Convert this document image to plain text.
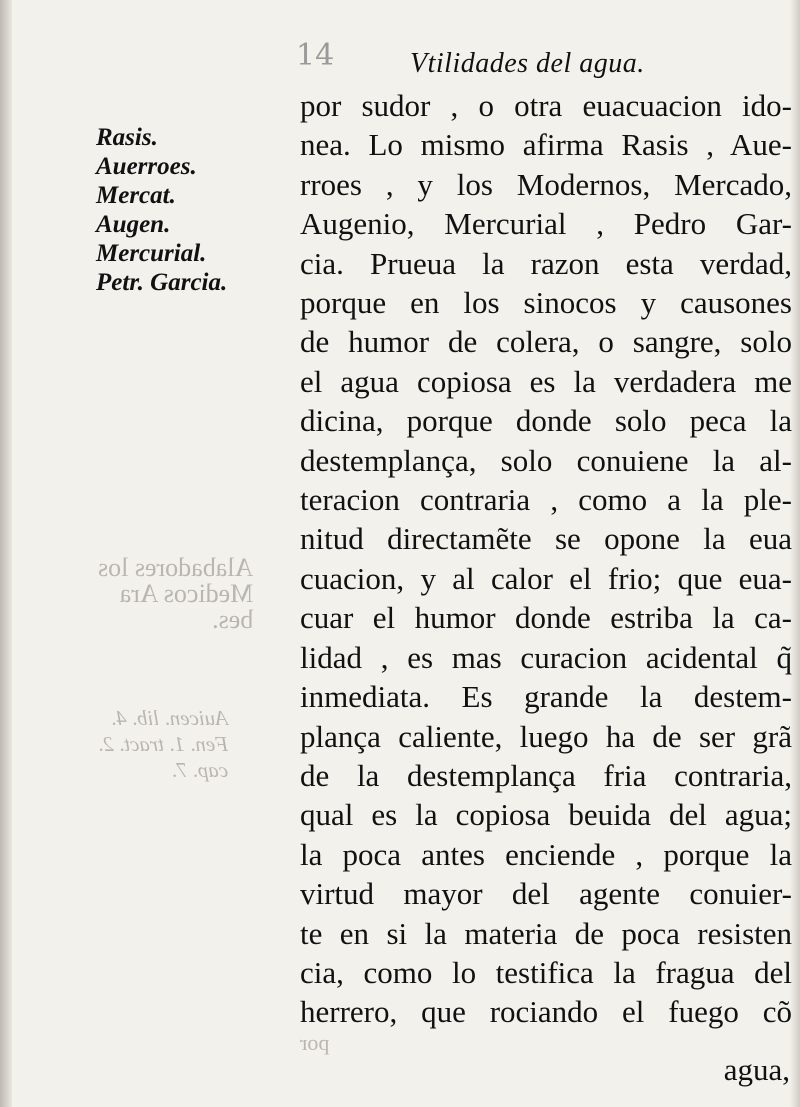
Alabadores los
Medicos Ara
bes.
Auicen. lib. 4.
Fen. 1. tract. 2.
cap. 7.
por
14	Vtilidades del agua.
Rasis.
Auerroes.
Mercat.
Augen.
Mercurial.
Petr. Garcia.
por sudor , o otra euacuacion ido-
nea. Lo mismo afirma Rasis , Aue-
rroes , y los Modernos, Mercado,
Augenio, Mercurial , Pedro Gar-
cia. Prueua la razon esta verdad,
porque en los sinocos y causones
de humor de colera, o sangre, solo
el agua copiosa es la verdadera me
dicina, porque donde solo peca la
destemplança, solo conuiene la al-
teracion contraria , como a la ple-
nitud directamẽte se opone la eua
cuacion, y al calor el frio; que eua-
cuar el humor donde estriba la ca-
lidad , es mas curacion acidental q̃
inmediata. Es grande la destem-
plança caliente, luego ha de ser grã
de la destemplança fria contraria,
qual es la copiosa beuida del agua;
la poca antes enciende , porque la
virtud mayor del agente conuier-
te en si la materia de poca resisten
cia, como lo testifica la fragua del
herrero, que rociando el fuego cõ
agua,
